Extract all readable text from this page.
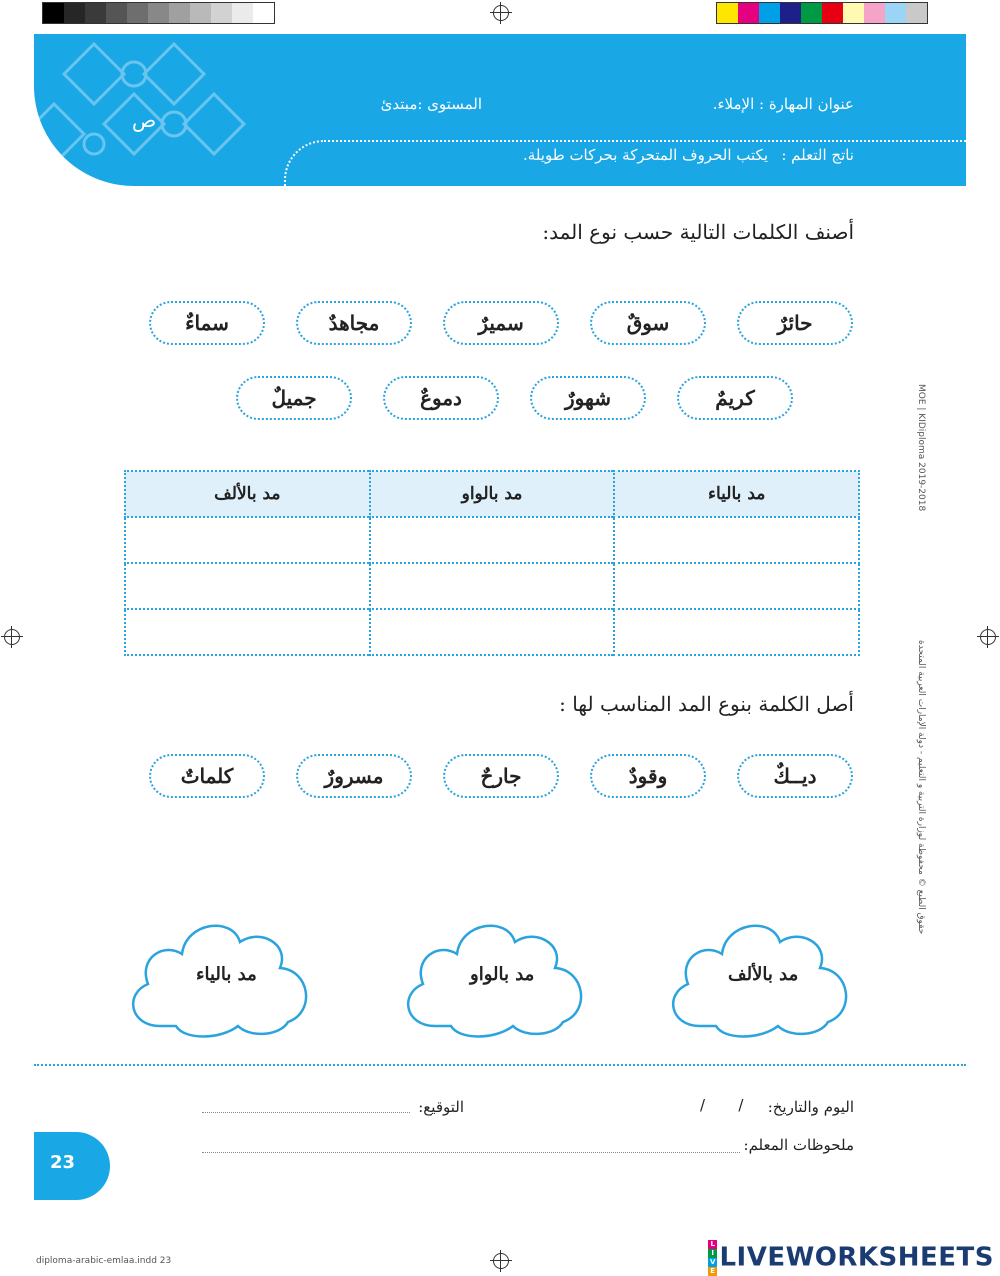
ص
عنوان المهارة : الإملاء.
المستوى :مبتدئ
ناتج التعلم :
يكتب الحروف المتحركة بحركات طويلة.
أصنف الكلمات التالية حسب نوع المد:
حائرٌ
سوقٌ
سميرٌ
مجاهدٌ
سماءٌ
كريمٌ
شهورٌ
دموعٌ
جميلٌ
مد بالياء	مد بالواو	مد بالألف

أصل الكلمة بنوع المد المناسب لها :
ديــكٌ
وقودٌ
جارحٌ
مسرورٌ
كلماتٌ
مد بالألف
مد بالواو
مد بالياء
اليوم والتاريخ:
/       /
التوقيع:
ملحوظات المعلم:
23
diploma-arabic-emlaa.indd 23
MOE | KIDiploma 2019-2018
حقوق الطبع © محفوظة لوزارة التربية و التعليم - دولة الإمارات العربية المتحدة
L
I
V
E LIVEWORKSHEETS
